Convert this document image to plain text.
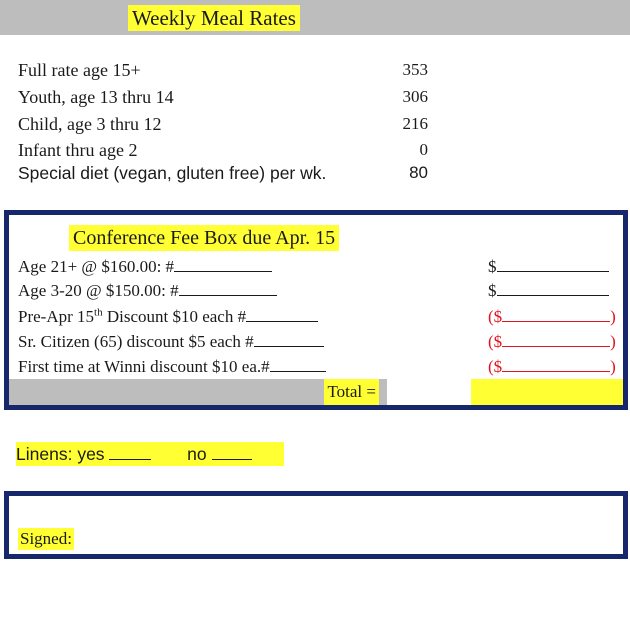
Weekly Meal Rates
Full rate age 15+	353
Youth, age 13 thru 14	306
Child, age 3 thru 12	216
Infant thru age 2	0
Special diet (vegan, gluten free) per wk.	80
Conference Fee Box due Apr. 15
Age 21+ @ $160.00: #	$
Age 3-20 @ $150.00: #	$
Pre-Apr 15th Discount $10 each #	($	)
Sr. Citizen (65) discount $5 each #	($	)
First time at Winni discount $10 ea.#	($	)
Total =
Linens: yes	no
Signed:
